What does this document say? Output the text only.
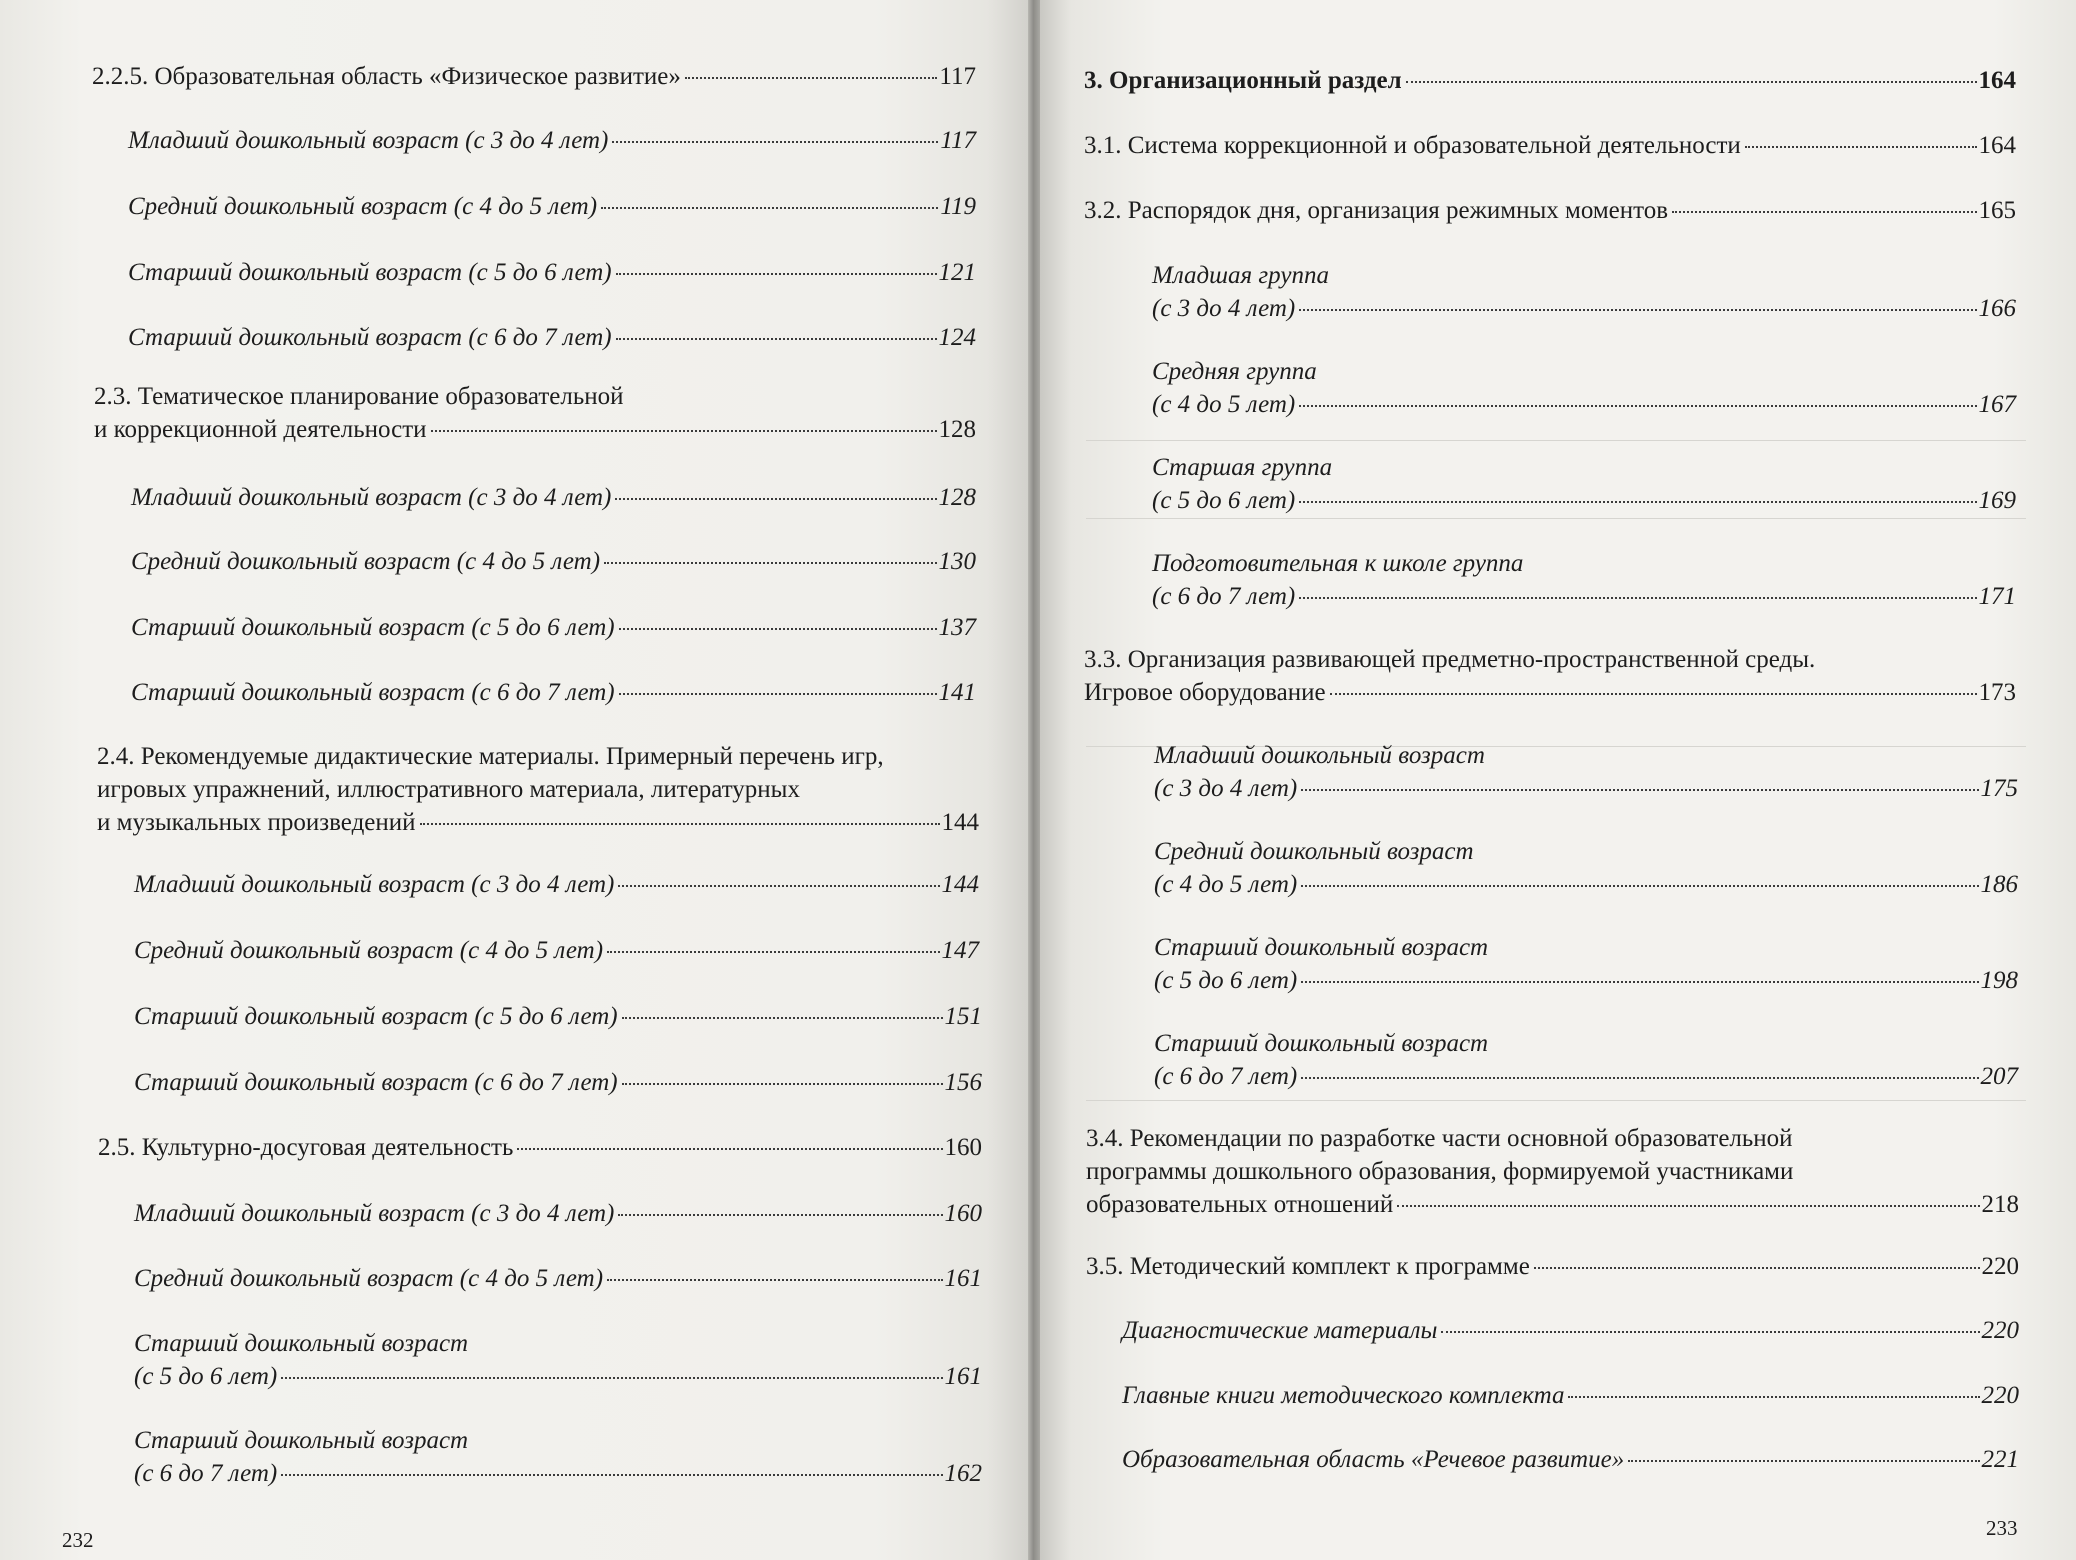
2.2.5. Образовательная область «Физическое развитие»	117
Младший дошкольный возраст (с 3 до 4 лет)	117
Средний дошкольный возраст (с 4 до 5 лет)	119
Старший дошкольный возраст (с 5 до 6 лет)	121
Старший дошкольный возраст (с 6 до 7 лет)	124
2.3. Тематическое планирование образовательной
и коррекционной деятельности	128
Младший дошкольный возраст (с 3 до 4 лет)	128
Средний дошкольный возраст (с 4 до 5 лет)	130
Старший дошкольный возраст (с 5 до 6 лет)	137
Старший дошкольный возраст (с 6 до 7 лет)	141
2.4. Рекомендуемые дидактические материалы. Примерный перечень игр,
игровых упражнений, иллюстративного материала, литературных
и музыкальных произведений	144
Младший дошкольный возраст (с 3 до 4 лет)	144
Средний дошкольный возраст (с 4 до 5 лет)	147
Старший дошкольный возраст (с 5 до 6 лет)	151
Старший дошкольный возраст (с 6 до 7 лет)	156
2.5. Культурно-досуговая деятельность	160
Младший дошкольный возраст (с 3 до 4 лет)	160
Средний дошкольный возраст (с 4 до 5 лет)	161
Старший дошкольный возраст
(с 5 до 6 лет)	161
Старший дошкольный возраст
(с 6 до 7 лет)	162
232
3. Организационный раздел	164
3.1. Система коррекционной и образовательной деятельности	164
3.2. Распорядок дня, организация режимных моментов	165
Младшая группа
(с 3 до 4 лет)	166
Средняя группа
(с 4 до 5 лет)	167
Старшая группа
(с 5 до 6 лет)	169
Подготовительная к школе группа
(с 6 до 7 лет)	171
3.3. Организация развивающей предметно-пространственной среды.
Игровое оборудование	173
Младший дошкольный возраст
(с 3 до 4 лет)	175
Средний дошкольный возраст
(с 4 до 5 лет)	186
Старший дошкольный возраст
(с 5 до 6 лет)	198
Старший дошкольный возраст
(с 6 до 7 лет)	207
3.4. Рекомендации по разработке части основной образовательной
программы дошкольного образования, формируемой участниками
образовательных отношений	218
3.5. Методический комплект к программе	220
Диагностические материалы	220
Главные книги методического комплекта	220
Образовательная область «Речевое развитие»	221
233
